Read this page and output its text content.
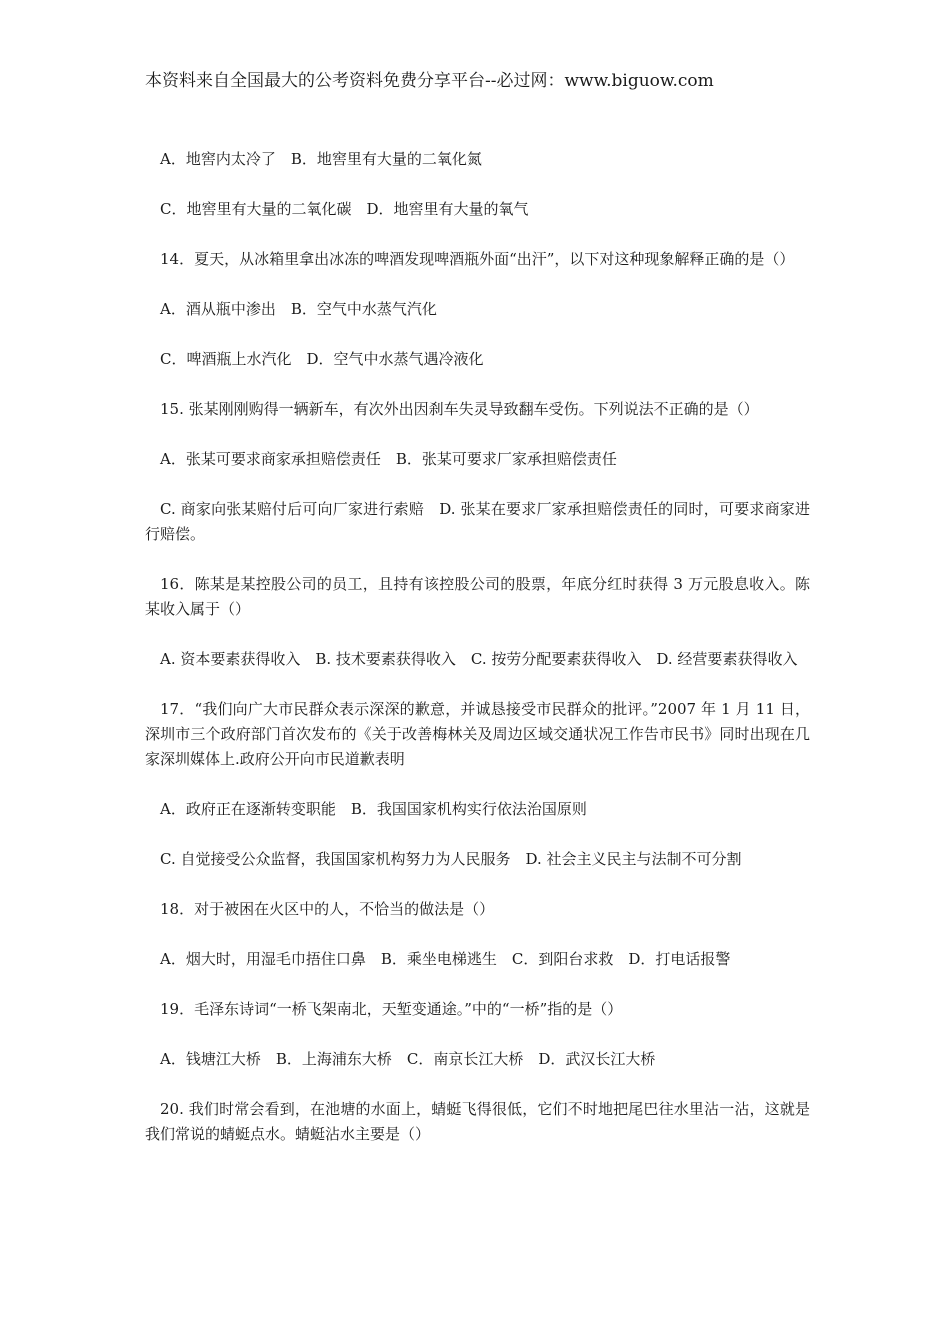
本资料来自全国最大的公考资料免费分享平台--必过网：www.biguow.com

A．地窖内太冷了　B．地窖里有大量的二氧化氮

C．地窖里有大量的二氧化碳　D．地窖里有大量的氧气

14．夏天，从冰箱里拿出冰冻的啤酒发现啤酒瓶外面“出汗”，以下对这种现象解释正确的是（）

A．酒从瓶中渗出　B．空气中水蒸气汽化

C．啤酒瓶上水汽化　D．空气中水蒸气遇冷液化

15. 张某刚刚购得一辆新车，有次外出因刹车失灵导致翻车受伤。下列说法不正确的是（）

A．张某可要求商家承担赔偿责任　B．张某可要求厂家承担赔偿责任

C. 商家向张某赔付后可向厂家进行索赔　D. 张某在要求厂家承担赔偿责任的同时，可要求商家进行赔偿。

16．陈某是某控股公司的员工，且持有该控股公司的股票，年底分红时获得 3 万元股息收入。陈某收入属于（）

A. 资本要素获得收入　B. 技术要素获得收入　C. 按劳分配要素获得收入　D. 经营要素获得收入

17．“我们向广大市民群众表示深深的歉意，并诚恳接受市民群众的批评。”2007 年 1 月 11 日，深圳市三个政府部门首次发布的《关于改善梅林关及周边区域交通状况工作告市民书》同时出现在几家深圳媒体上.政府公开向市民道歉表明

A．政府正在逐渐转变职能　B．我国国家机构实行依法治国原则

C. 自觉接受公众监督，我国国家机构努力为人民服务　D. 社会主义民主与法制不可分割

18．对于被困在火区中的人，不恰当的做法是（）

A．烟大时，用湿毛巾捂住口鼻　B．乘坐电梯逃生　C．到阳台求救　D．打电话报警

19．毛泽东诗词“一桥飞架南北，天堑变通途。”中的“一桥”指的是（）

A．钱塘江大桥　B．上海浦东大桥　C．南京长江大桥　D．武汉长江大桥

20. 我们时常会看到，在池塘的水面上，蜻蜓飞得很低，它们不时地把尾巴往水里沾一沾，这就是我们常说的蜻蜓点水。蜻蜓沾水主要是（）
